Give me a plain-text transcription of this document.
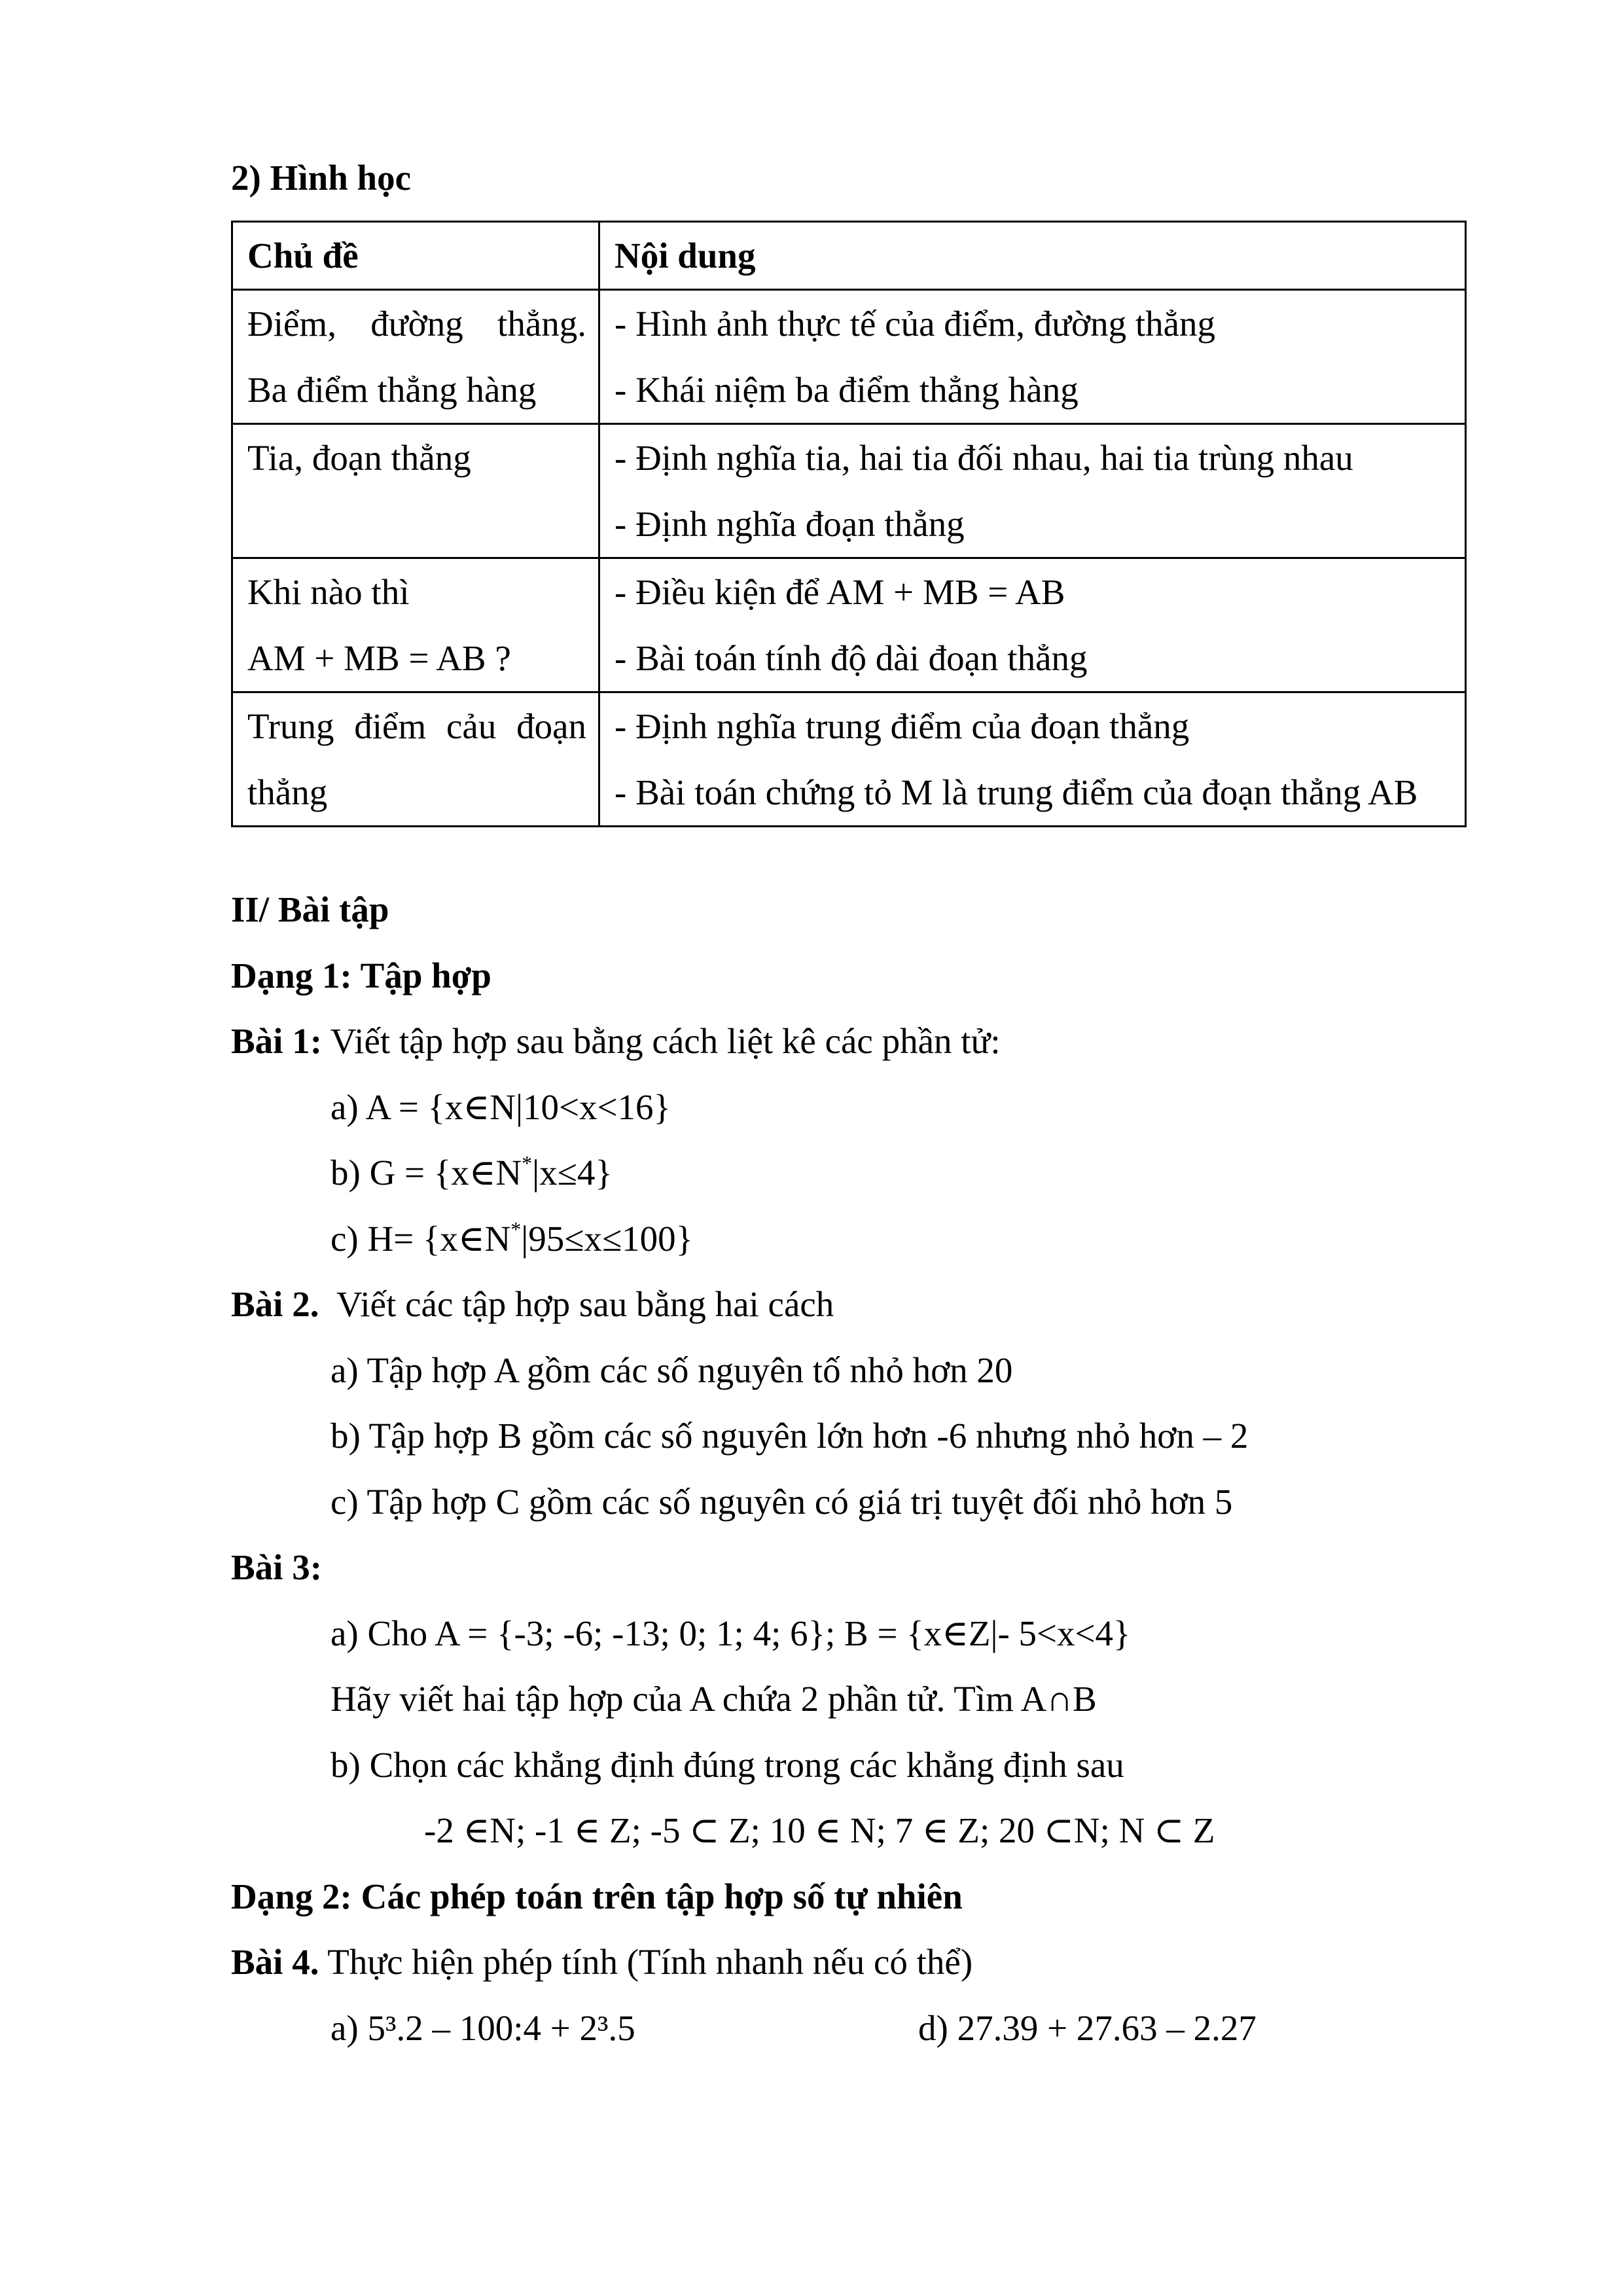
2) Hình học
Chủ đề	Nội dung

Điểm, đường thẳng.
Ba điểm thẳng hàng	- Hình ảnh thực tế của điểm, đường thẳng
- Khái niệm ba điểm thẳng hàng

Tia, đoạn thẳng	- Định nghĩa tia, hai tia đối nhau, hai tia trùng nhau
- Định nghĩa đoạn thẳng

Khi nào thì
AM + MB = AB ?	- Điều kiện để AM + MB = AB
- Bài toán tính độ dài đoạn thẳng

Trung điểm cảu đoạn
thẳng	- Định nghĩa trung điểm của đoạn thẳng
- Bài toán chứng tỏ M là trung điểm của đoạn thẳng AB
II/ Bài tập
Dạng 1: Tập hợp
Bài 1: Viết tập hợp sau bằng cách liệt kê các phần tử:
a) A = {x∈N|10<x<16}
b) G = {x∈N*|x≤4}
c) H= {x∈N*|95≤x≤100}
Bài 2.  Viết các tập hợp sau bằng hai cách
a) Tập hợp A gồm các số nguyên tố nhỏ hơn 20
b) Tập hợp B gồm các số nguyên lớn hơn -6 nhưng nhỏ hơn – 2
c) Tập hợp C gồm các số nguyên có giá trị tuyệt đối nhỏ hơn 5
Bài 3:
a) Cho A = {-3; -6; -13; 0; 1; 4; 6}; B = {x∈Z|- 5<x<4}
Hãy viết hai tập hợp của A chứa 2 phần tử. Tìm A∩B
b) Chọn các khẳng định đúng trong các khẳng định sau
-2 ∈N; -1 ∈ Z; -5 ⊂ Z; 10 ∈ N; 7 ∈ Z; 20 ⊂N; N ⊂ Z
Dạng 2: Các phép toán trên tập hợp số tự nhiên
Bài 4. Thực hiện phép tính (Tính nhanh nếu có thể)
a) 5³.2 – 100:4 + 2³.5	d) 27.39 + 27.63 – 2.27
